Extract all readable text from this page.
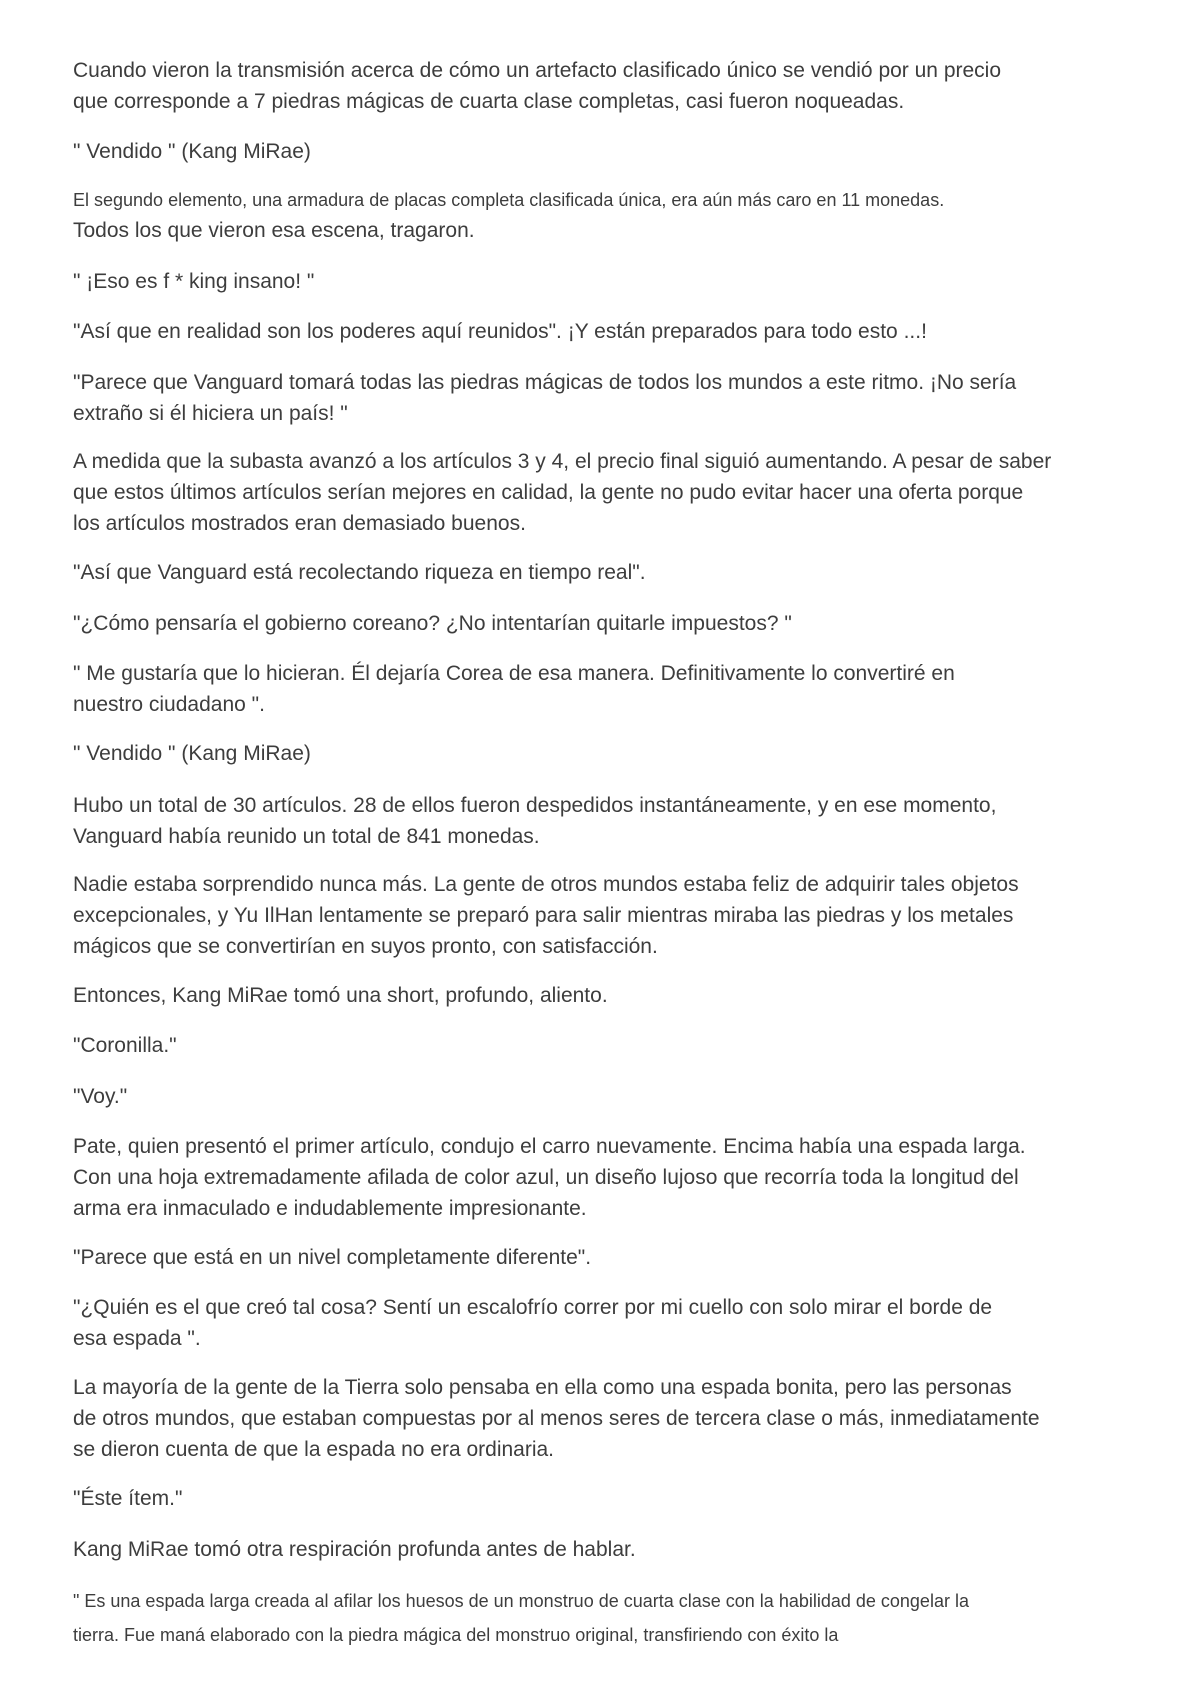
Cuando vieron la transmisión acerca de cómo un artefacto clasificado único se vendió por un precio
que corresponde a 7 piedras mágicas de cuarta clase completas, casi fueron noqueadas.
" Vendido " (Kang MiRae)
El segundo elemento, una armadura de placas completa clasificada única, era aún más caro en 11 monedas.
Todos los que vieron esa escena, tragaron.
" ¡Eso es f * king insano! "
"Así que en realidad son los poderes aquí reunidos". ¡Y están preparados para todo esto ...!
"Parece que Vanguard tomará todas las piedras mágicas de todos los mundos a este ritmo. ¡No sería
extraño si él hiciera un país! "
A medida que la subasta avanzó a los artículos 3 y 4, el precio final siguió aumentando. A pesar de saber
que estos últimos artículos serían mejores en calidad, la gente no pudo evitar hacer una oferta porque
los artículos mostrados eran demasiado buenos.
"Así que Vanguard está recolectando riqueza en tiempo real".
"¿Cómo pensaría el gobierno coreano? ¿No intentarían quitarle impuestos? "
" Me gustaría que lo hicieran. Él dejaría Corea de esa manera. Definitivamente lo convertiré en
nuestro ciudadano ".
" Vendido " (Kang MiRae)
Hubo un total de 30 artículos. 28 de ellos fueron despedidos instantáneamente, y en ese momento,
Vanguard había reunido un total de 841 monedas.
Nadie estaba sorprendido nunca más. La gente de otros mundos estaba feliz de adquirir tales objetos
excepcionales, y Yu IlHan lentamente se preparó para salir mientras miraba las piedras y los metales
mágicos que se convertirían en suyos pronto, con satisfacción.
Entonces, Kang MiRae tomó una short, profundo, aliento.
"Coronilla."
"Voy."
Pate, quien presentó el primer artículo, condujo el carro nuevamente. Encima había una espada larga.
Con una hoja extremadamente afilada de color azul, un diseño lujoso que recorría toda la longitud del
arma era inmaculado e indudablemente impresionante.
"Parece que está en un nivel completamente diferente".
"¿Quién es el que creó tal cosa? Sentí un escalofrío correr por mi cuello con solo mirar el borde de
esa espada ".
La mayoría de la gente de la Tierra solo pensaba en ella como una espada bonita, pero las personas
de otros mundos, que estaban compuestas por al menos seres de tercera clase o más, inmediatamente
se dieron cuenta de que la espada no era ordinaria.
"Éste ítem."
Kang MiRae tomó otra respiración profunda antes de hablar.
" Es una espada larga creada al afilar los huesos de un monstruo de cuarta clase con la habilidad de congelar la
tierra. Fue maná elaborado con la piedra mágica del monstruo original, transfiriendo con éxito la
